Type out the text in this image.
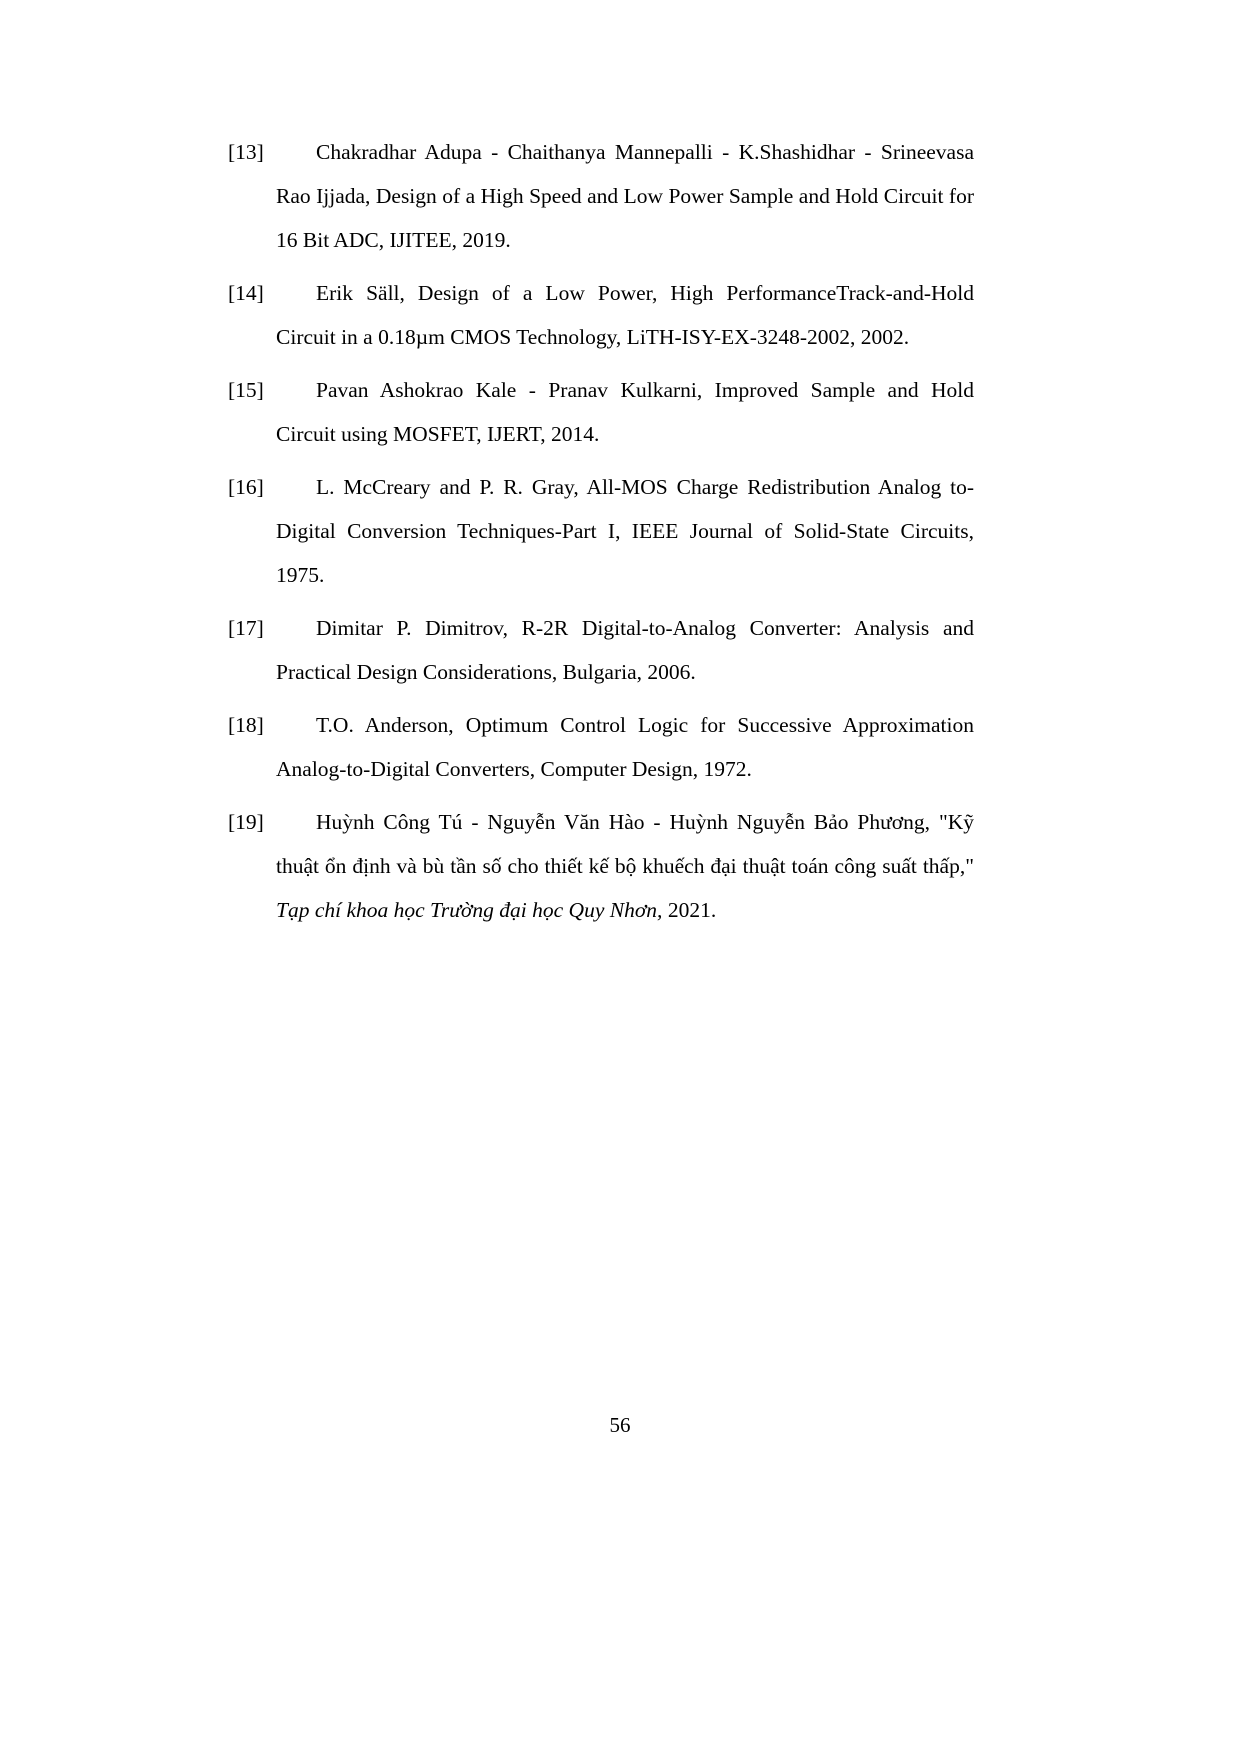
[13] Chakradhar Adupa - Chaithanya Mannepalli - K.Shashidhar - Srineevasa Rao Ijjada, Design of a High Speed and Low Power Sample and Hold Circuit for 16 Bit ADC, IJITEE, 2019.
[14] Erik Säll, Design of a Low Power, High PerformanceTrack-and-Hold Circuit in a 0.18µm CMOS Technology, LiTH-ISY-EX-3248-2002, 2002.
[15] Pavan Ashokrao Kale - Pranav Kulkarni, Improved Sample and Hold Circuit using MOSFET, IJERT, 2014.
[16] L. McCreary and P. R. Gray, All-MOS Charge Redistribution Analog to-Digital Conversion Techniques-Part I, IEEE Journal of Solid-State Circuits, 1975.
[17] Dimitar P. Dimitrov, R-2R Digital-to-Analog Converter: Analysis and Practical Design Considerations, Bulgaria, 2006.
[18] T.O. Anderson, Optimum Control Logic for Successive Approximation Analog-to-Digital Converters, Computer Design, 1972.
[19] Huỳnh Công Tú - Nguyễn Văn Hào - Huỳnh Nguyễn Bảo Phương, "Kỹ thuật ổn định và bù tần số cho thiết kế bộ khuếch đại thuật toán công suất thấp," Tạp chí khoa học Trường đại học Quy Nhơn, 2021.
56
